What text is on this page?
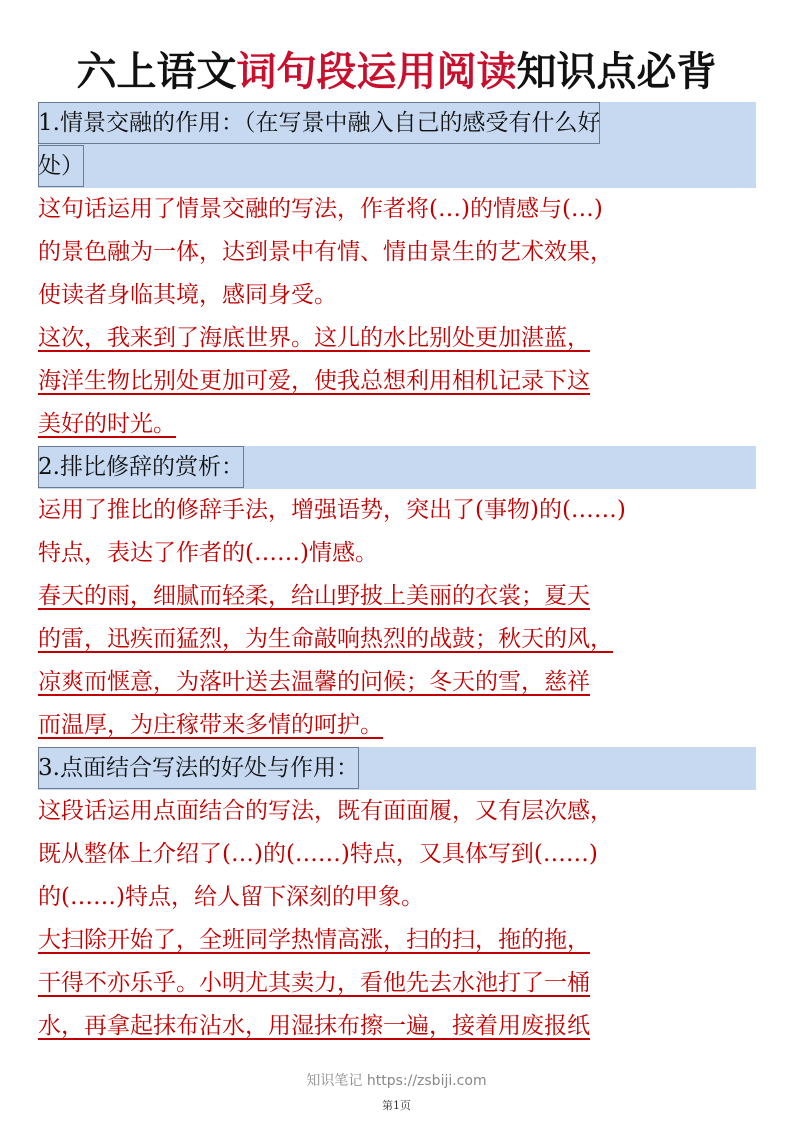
六上语文词句段运用阅读知识点必背
1.情景交融的作用：（在写景中融入自己的感受有什么好
处）
这句话运用了情景交融的写法，作者将(…)的情感与(…)
的景色融为一体，达到景中有情、情由景生的艺术效果，
使读者身临其境，感同身受。
这次，我来到了海底世界。这儿的水比别处更加湛蓝，
海洋生物比别处更加可爱，使我总想利用相机记录下这
美好的时光。
2.排比修辞的赏析：
运用了推比的修辞手法，增强语势，突出了(事物)的(……)
特点，表达了作者的(……)情感。
春天的雨，细腻而轻柔，给山野披上美丽的衣裳；夏天
的雷，迅疾而猛烈，为生命敲响热烈的战鼓；秋天的风，
凉爽而惬意，为落叶送去温馨的问候；冬天的雪，慈祥
而温厚，为庄稼带来多情的呵护。
3.点面结合写法的好处与作用：
这段话运用点面结合的写法，既有面面履，又有层次感，
既从整体上介绍了(…)的(……)特点，又具体写到(……)
的(……)特点，给人留下深刻的甲象。
大扫除开始了，全班同学热情高涨，扫的扫，拖的拖，
干得不亦乐乎。小明尤其卖力，看他先去水池打了一桶
水，再拿起抹布沾水，用湿抹布擦一遍，接着用废报纸
知识笔记 https://zsbiji.com
第1页
